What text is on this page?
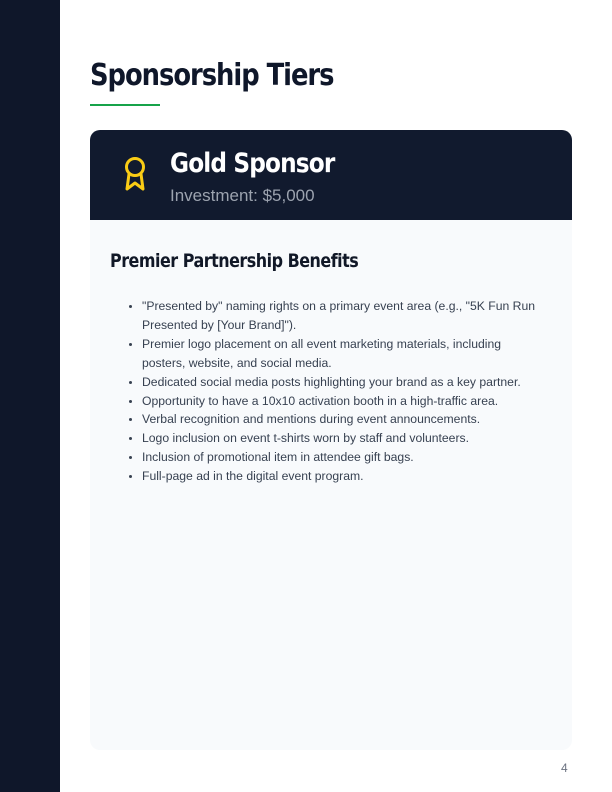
Sponsorship Tiers
Gold Sponsor
Investment: $5,000
Premier Partnership Benefits
• "Presented by" naming rights on a primary event area (e.g., "5K Fun Run Presented by [Your Brand]").
• Premier logo placement on all event marketing materials, including posters, website, and social media.
• Dedicated social media posts highlighting your brand as a key partner.
• Opportunity to have a 10x10 activation booth in a high-traffic area.
• Verbal recognition and mentions during event announcements.
• Logo inclusion on event t-shirts worn by staff and volunteers.
• Inclusion of promotional item in attendee gift bags.
• Full-page ad in the digital event program.
4
